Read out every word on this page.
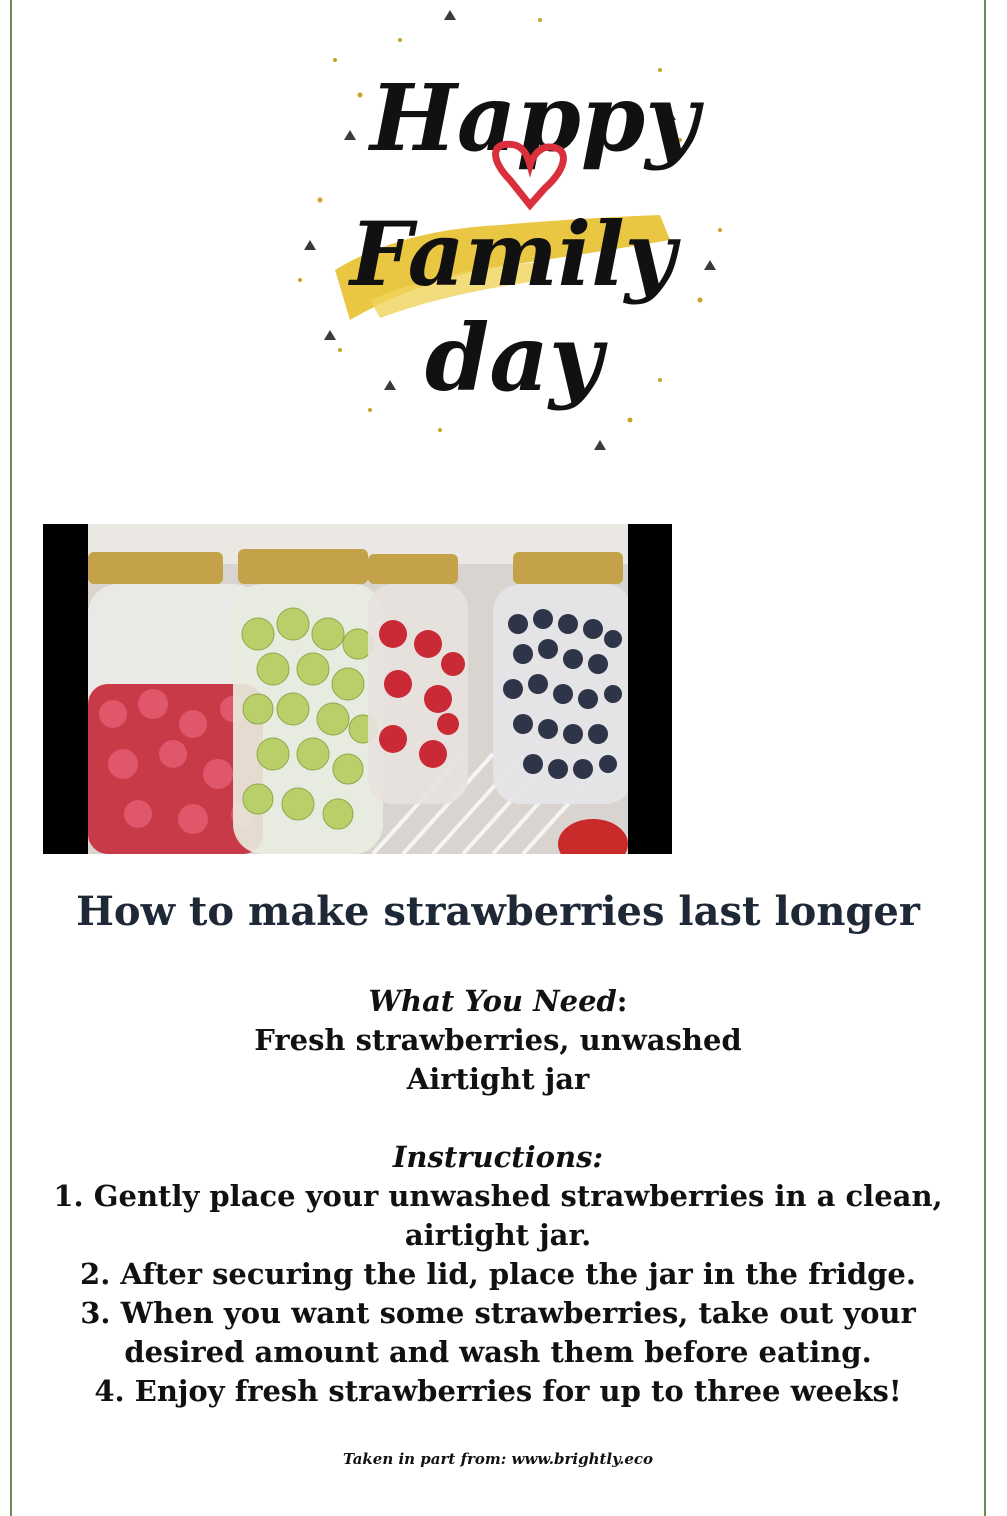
Happy
Family
day
How to make strawberries last longer

What You Need:

Fresh strawberries, unwashed

Airtight jar

Instructions:

1. Gently place your unwashed strawberries in a clean,

airtight jar.

2. After securing the lid, place the jar in the fridge.

3. When you want some strawberries, take out your

desired amount and wash them before eating.

4. Enjoy fresh strawberries for up to three weeks!

Taken in part from: www.brightly.eco
